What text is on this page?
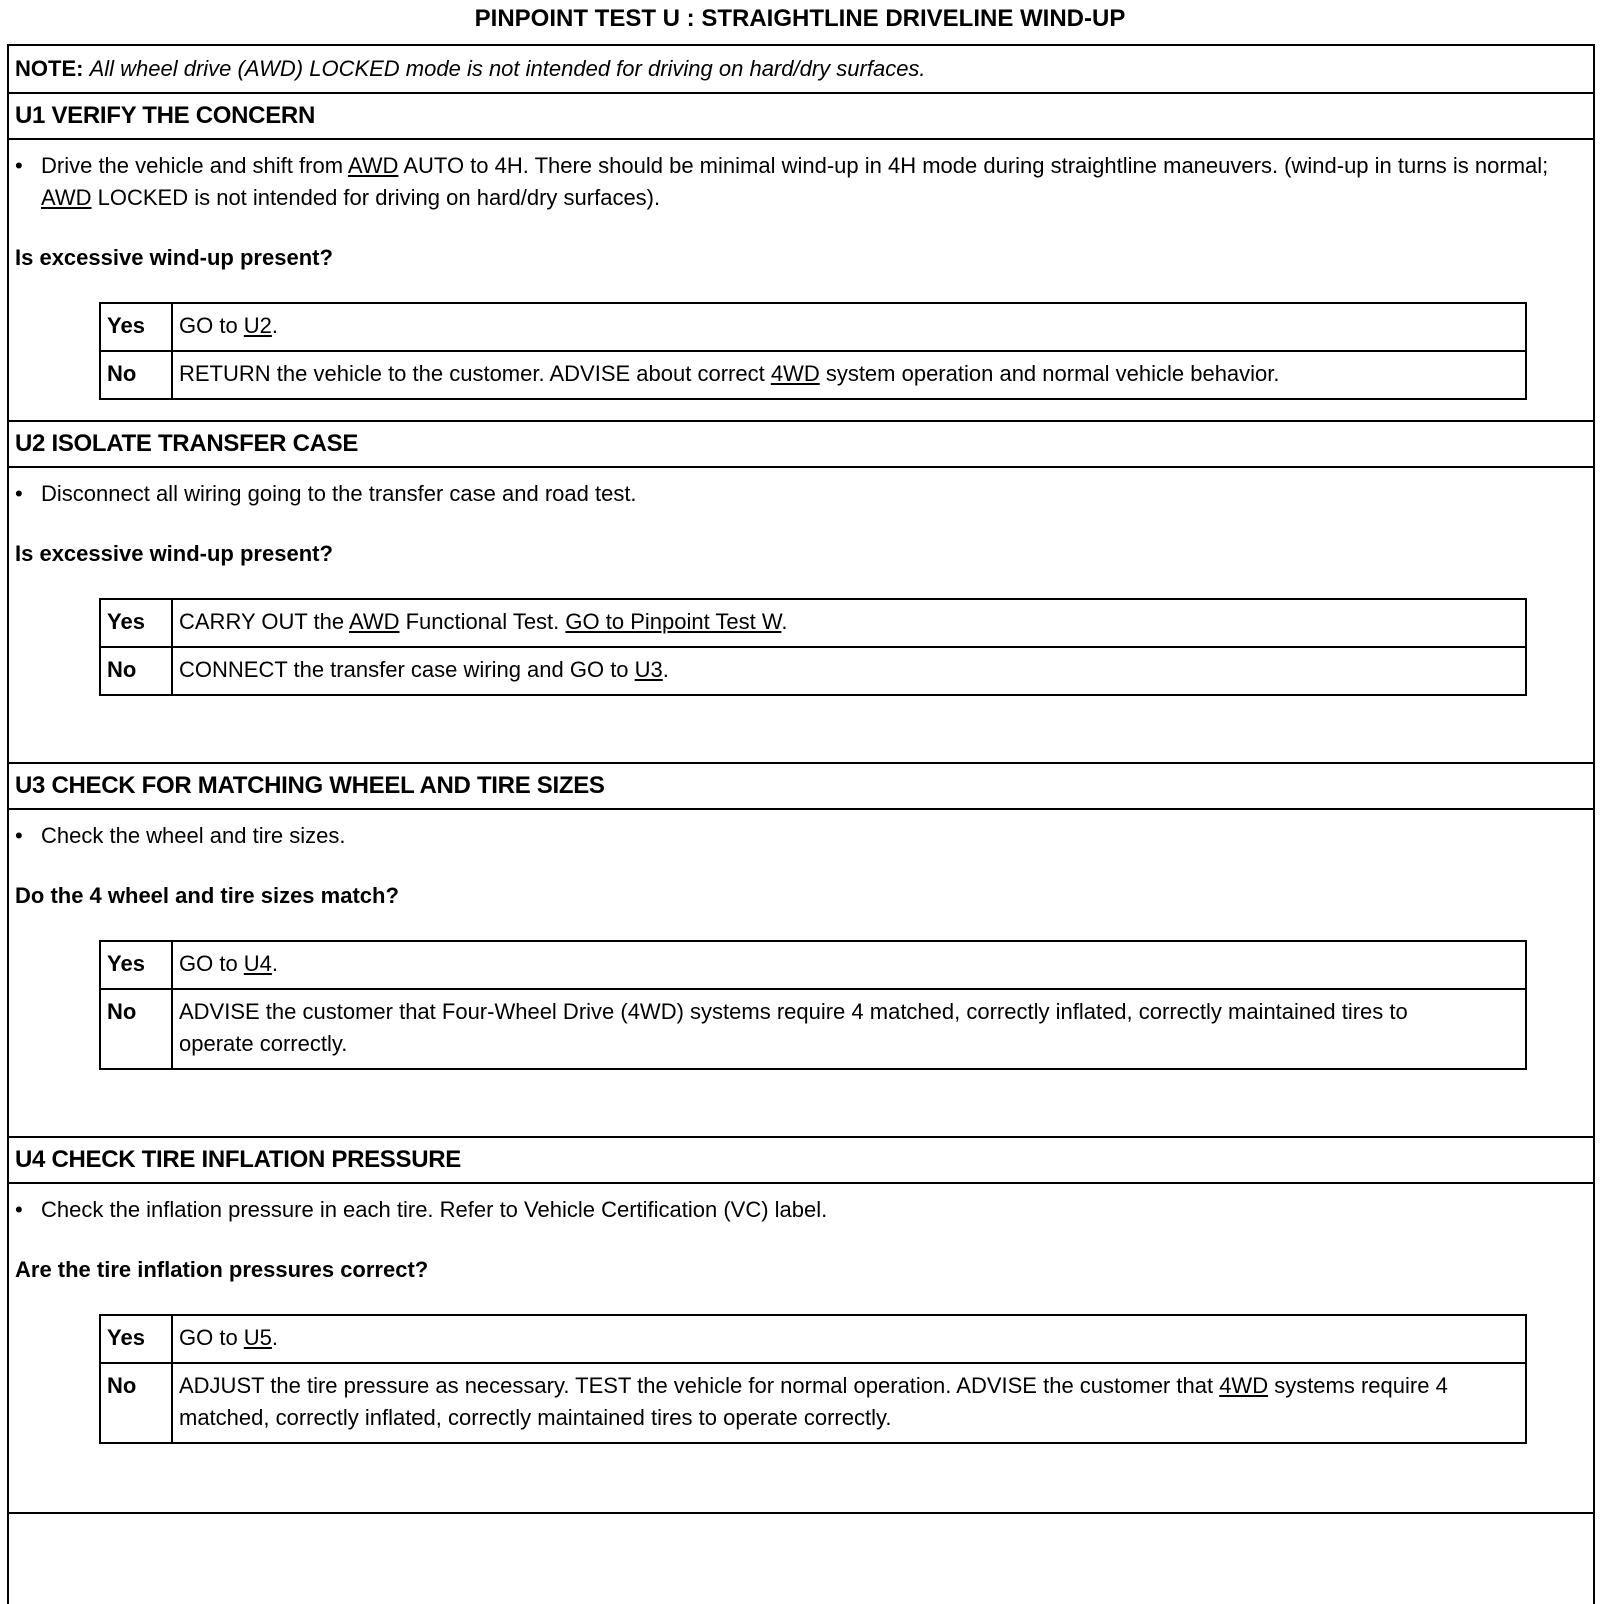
PINPOINT TEST U : STRAIGHTLINE DRIVELINE WIND-UP
NOTE: All wheel drive (AWD) LOCKED mode is not intended for driving on hard/dry surfaces.
U1 VERIFY THE CONCERN
• Drive the vehicle and shift from AWD AUTO to 4H. There should be minimal wind-up in 4H mode during straightline maneuvers. (wind-up in turns is normal; AWD LOCKED is not intended for driving on hard/dry surfaces).
Is excessive wind-up present?
Yes	GO to U2.
No	RETURN the vehicle to the customer. ADVISE about correct 4WD system operation and normal vehicle behavior.
U2 ISOLATE TRANSFER CASE
• Disconnect all wiring going to the transfer case and road test.
Is excessive wind-up present?
Yes	CARRY OUT the AWD Functional Test. GO to Pinpoint Test W.
No	CONNECT the transfer case wiring and GO to U3.
U3 CHECK FOR MATCHING WHEEL AND TIRE SIZES
• Check the wheel and tire sizes.
Do the 4 wheel and tire sizes match?
Yes	GO to U4.
No	ADVISE the customer that Four-Wheel Drive (4WD) systems require 4 matched, correctly inflated, correctly maintained tires to operate correctly.
U4 CHECK TIRE INFLATION PRESSURE
• Check the inflation pressure in each tire. Refer to Vehicle Certification (VC) label.
Are the tire inflation pressures correct?
Yes	GO to U5.
No	ADJUST the tire pressure as necessary. TEST the vehicle for normal operation. ADVISE the customer that 4WD systems require 4 matched, correctly inflated, correctly maintained tires to operate correctly.
